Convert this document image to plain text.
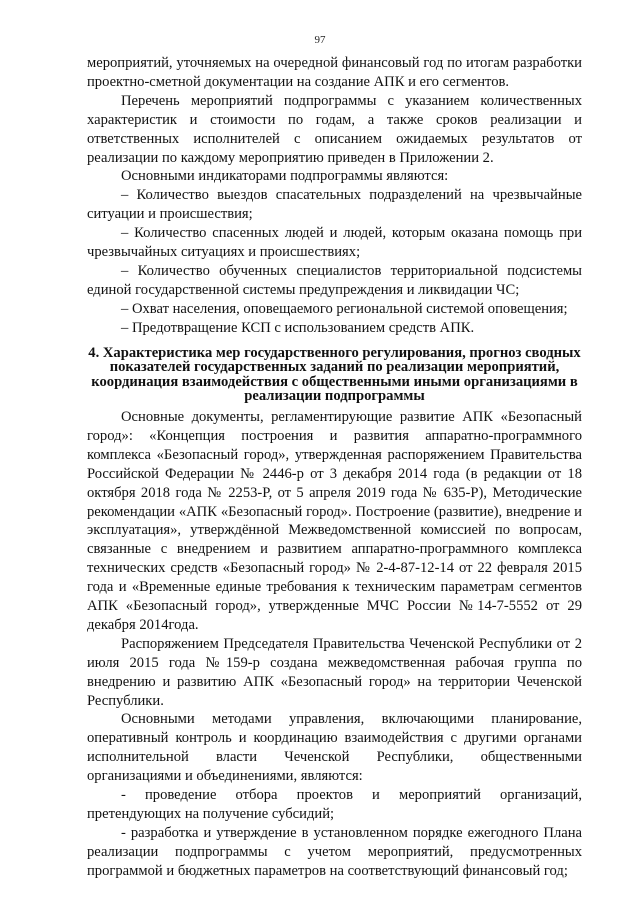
97

мероприятий, уточняемых на очередной финансовый год по итогам разработки проектно-сметной документации на создание АПК и его сегментов.

Перечень мероприятий подпрограммы с указанием количественных характеристик и стоимости по годам, а также сроков реализации и ответственных исполнителей с описанием ожидаемых результатов от реализации по каждому мероприятию приведен в Приложении 2.

Основными индикаторами подпрограммы являются:

– Количество выездов спасательных подразделений на чрезвычайные ситуации и происшествия;

– Количество спасенных людей и людей, которым оказана помощь при чрезвычайных ситуациях и происшествиях;

– Количество обученных специалистов территориальной подсистемы единой государственной системы предупреждения и ликвидации ЧС;

– Охват населения, оповещаемого региональной системой оповещения;

– Предотвращение КСП с использованием средств АПК.

4. Характеристика мер государственного регулирования, прогноз сводных показателей государственных заданий по реализации мероприятий, координация взаимодействия с общественными иными организациями в реализации подпрограммы

Основные документы, регламентирующие развитие АПК «Безопасный город»: «Концепция построения и развития аппаратно-программного комплекса «Безопасный город», утвержденная распоряжением Правительства Российской Федерации № 2446-р от 3 декабря 2014 года (в редакции от 18 октября 2018 года № 2253-Р, от 5 апреля 2019 года № 635-Р), Методические рекомендации «АПК «Безопасный город». Построение (развитие), внедрение и эксплуатация», утверждённой Межведомственной комиссией по вопросам, связанные с внедрением и развитием аппаратно-программного комплекса технических средств «Безопасный город» № 2-4-87-12-14 от 22 февраля 2015 года и «Временные единые требования к техническим параметрам сегментов АПК «Безопасный город», утвержденные МЧС России №14-7-5552 от 29 декабря 2014года.

Распоряжением Председателя Правительства Чеченской Республики от 2 июля 2015 года №159-р создана межведомственная рабочая группа по внедрению и развитию АПК «Безопасный город» на территории Чеченской Республики.

Основными методами управления, включающими планирование, оперативный контроль и координацию взаимодействия с другими органами исполнительной власти Чеченской Республики, общественными организациями и объединениями, являются:

- проведение отбора проектов и мероприятий организаций, претендующих на получение субсидий;

- разработка и утверждение в установленном порядке ежегодного Плана реализации подпрограммы с учетом мероприятий, предусмотренных программой и бюджетных параметров на соответствующий финансовый год;
